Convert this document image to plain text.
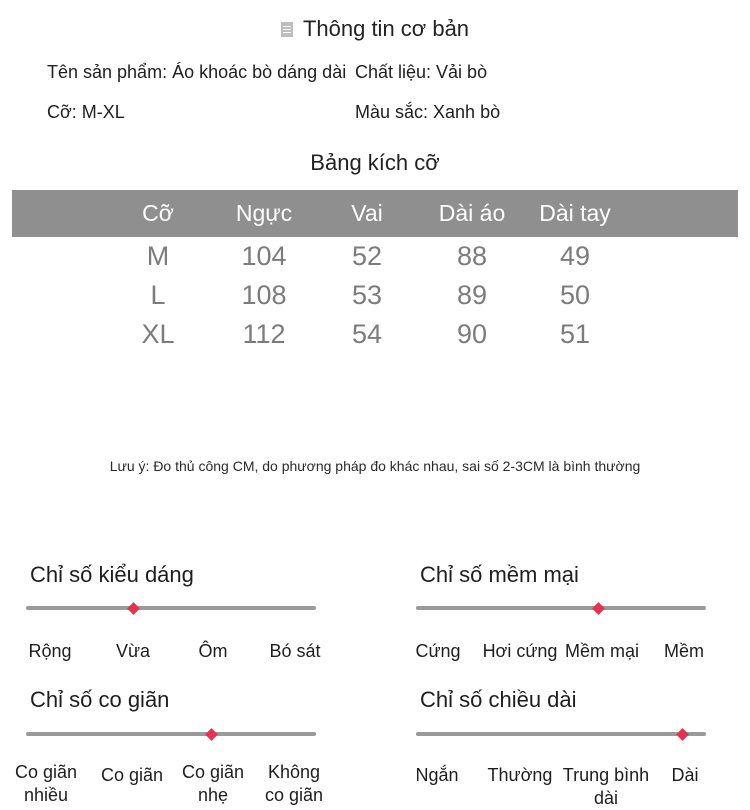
Thông tin cơ bản
Tên sản phẩm: Áo khoác bò dáng dài Chất liệu: Vải bò
Cỡ: M-XL	Màu sắc: Xanh bò
Bảng kích cỡ
Cỡ	Ngực	Vai	Dài áo	Dài tay
M	104	52	88	49
L	108	53	89	50
XL	112	54	90	51
Lưu ý: Đo thủ công CM, do phương pháp đo khác nhau, sai số 2-3CM là bình thường
Chỉ số kiểu dáng
Rộng	Vừa	Ôm	Bó sát
Chỉ số mềm mại
Cứng	Hơi cứng Mềm mại	Mềm
Chỉ số co giãn
Co giãn
nhiều
Co giãn	Co giãn
nhẹ
Không
co giãn
Chỉ số chiều dài
Ngắn	Thường Trung bình
dài
Dài
